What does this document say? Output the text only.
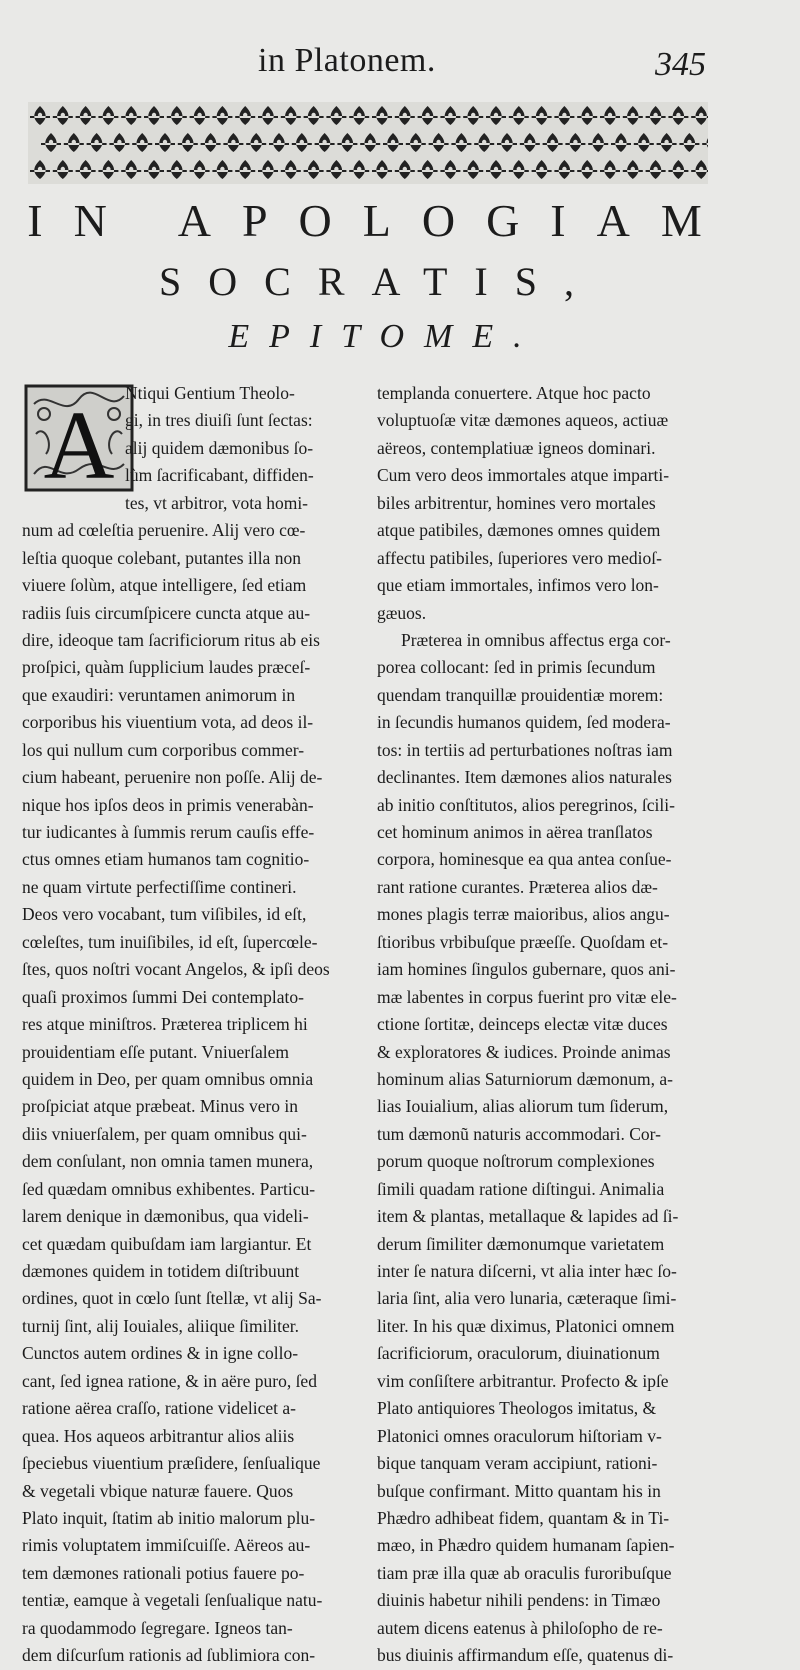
in Platonem.	345
IN APOLOGIAM
SOCRATIS,
EPITOME.
A Ntiqui Gentium Theolo-
gi, in tres diuiſi ſunt ſectas:
alij quidem dæmonibus ſo-
lùm ſacrificabant, diffiden-
tes, vt arbitror, vota homi-
num ad cœleſtia peruenire. Alij vero cœ-
leſtia quoque colebant, putantes illa non
viuere ſolùm, atque intelligere, ſed etiam
radiis ſuis circumſpicere cuncta atque au-
dire, ideoque tam ſacrificiorum ritus ab eis
proſpici, quàm ſupplicium laudes præceſ-
que exaudiri: veruntamen animorum in
corporibus his viuentium vota, ad deos il-
los qui nullum cum corporibus commer-
cium habeant, peruenire non poſſe. Alij de-
nique hos ipſos deos in primis venerabàn-
tur iudicantes à ſummis rerum cauſis effe-
ctus omnes etiam humanos tam cognitio-
ne quam virtute perfectiſſime contineri.
Deos vero vocabant, tum viſibiles, id eſt,
cœleſtes, tum inuiſibiles, id eſt, ſupercœle-
ſtes, quos noſtri vocant Angelos, & ipſi deos
quaſi proximos ſummi Dei contemplato-
res atque miniſtros. Præterea triplicem hi
prouidentiam eſſe putant. Vniuerſalem
quidem in Deo, per quam omnibus omnia
proſpiciat atque præbeat. Minus vero in
diis vniuerſalem, per quam omnibus qui-
dem conſulant, non omnia tamen munera,
ſed quædam omnibus exhibentes. Particu-
larem denique in dæmonibus, qua videli-
cet quædam quibuſdam iam largiantur. Et
dæmones quidem in totidem diſtribuunt
ordines, quot in cœlo ſunt ſtellæ, vt alij Sa-
turnij ſint, alij Iouiales, aliique ſimiliter.
Cunctos autem ordines & in igne collo-
cant, ſed ignea ratione, & in aëre puro, ſed
ratione aërea craſſo, ratione videlicet a-
quea. Hos aqueos arbitrantur alios aliis
ſpeciebus viuentium præſidere, ſenſualique
& vegetali vbique naturæ fauere. Quos
Plato inquit, ſtatim ab initio malorum plu-
rimis voluptatem immiſcuiſſe. Aëreos au-
tem dæmones rationali potius fauere po-
tentiæ, eamque à vegetali ſenſualique natu-
ra quodammodo ſegregare. Igneos tan-
dem diſcurſum rationis ad ſublimiora con-
templanda conuertere. Atque hoc pacto
voluptuoſæ vitæ dæmones aqueos, actiuæ
aëreos, contemplatiuæ igneos dominari.
Cum vero deos immortales atque imparti-
biles arbitrentur, homines vero mortales
atque patibiles, dæmones omnes quidem
affectu patibiles, ſuperiores vero medioſ-
que etiam immortales, infimos vero lon-
gæuos.
Præterea in omnibus affectus erga cor-
porea collocant: ſed in primis ſecundum
quendam tranquillæ prouidentiæ morem:
in ſecundis humanos quidem, ſed modera-
tos: in tertiis ad perturbationes noſtras iam
declinantes. Item dæmones alios naturales
ab initio conſtitutos, alios peregrinos, ſcili-
cet hominum animos in aërea tranſlatos
corpora, hominesque ea qua antea conſue-
rant ratione curantes. Præterea alios dæ-
mones plagis terræ maioribus, alios angu-
ſtioribus vrbibuſque præeſſe. Quoſdam et-
iam homines ſingulos gubernare, quos ani-
mæ labentes in corpus fuerint pro vitæ ele-
ctione ſortitæ, deinceps electæ vitæ duces
& exploratores & iudices. Proinde animas
hominum alias Saturniorum dæmonum, a-
lias Iouialium, alias aliorum tum ſiderum,
tum dæmonũ naturis accommodari. Cor-
porum quoque noſtrorum complexiones
ſimili quadam ratione diſtingui. Animalia
item & plantas, metallaque & lapides ad ſi-
derum ſimiliter dæmonumque varietatem
inter ſe natura diſcerni, vt alia inter hæc ſo-
laria ſint, alia vero lunaria, cæteraque ſimi-
liter. In his quæ diximus, Platonici omnem
ſacrificiorum, oraculorum, diuinationum
vim conſiſtere arbitrantur. Profecto & ipſe
Plato antiquiores Theologos imitatus, &
Platonici omnes oraculorum hiſtoriam v-
bique tanquam veram accipiunt, rationi-
buſque confirmant. Mitto quantam his in
Phædro adhibeat fidem, quantam & in Ti-
mæo, in Phædro quidem humanam ſapien-
tiam præ illa quæ ab oraculis furoribuſque
diuinis habetur nihili pendens: in Timæo
autem dicens eatenus à philoſopho de re-
bus diuinis affirmandum eſſe, quatenus di-
